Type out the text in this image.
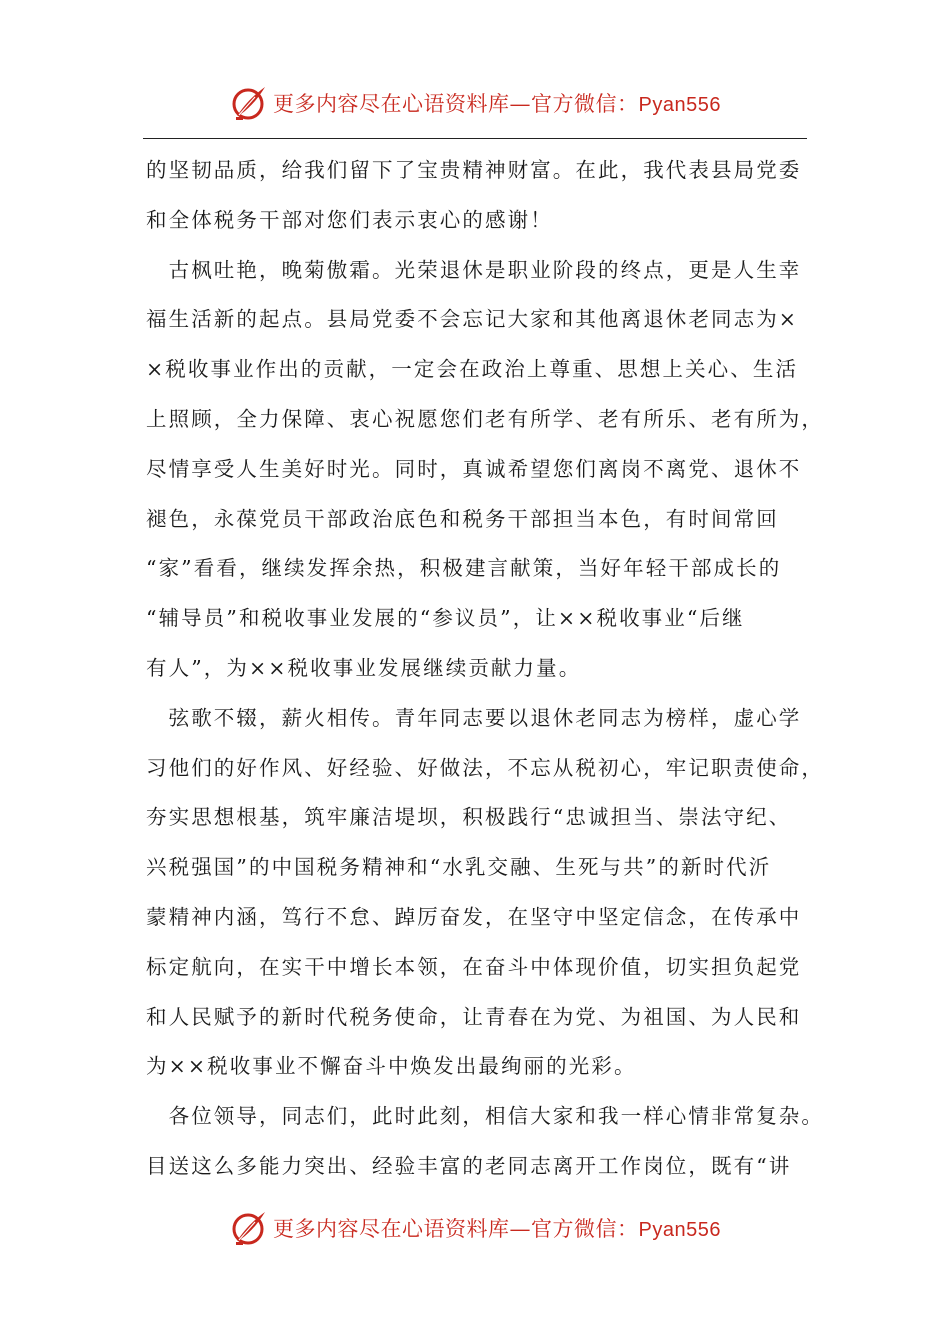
更多内容尽在心语资料库—官方微信：Pyan556
的坚韧品质，给我们留下了宝贵精神财富。在此，我代表县局党委
和全体税务干部对您们表示衷心的感谢！
　古枫吐艳，晚菊傲霜。光荣退休是职业阶段的终点，更是人生幸
福生活新的起点。县局党委不会忘记大家和其他离退休老同志为×
×税收事业作出的贡献，一定会在政治上尊重、思想上关心、生活
上照顾，全力保障、衷心祝愿您们老有所学、老有所乐、老有所为，
尽情享受人生美好时光。同时，真诚希望您们离岗不离党、退休不
褪色，永葆党员干部政治底色和税务干部担当本色，有时间常回
“家”看看，继续发挥余热，积极建言献策，当好年轻干部成长的
“辅导员”和税收事业发展的“参议员”，让××税收事业“后继
有人”，为××税收事业发展继续贡献力量。
　弦歌不辍，薪火相传。青年同志要以退休老同志为榜样，虚心学
习他们的好作风、好经验、好做法，不忘从税初心，牢记职责使命，
夯实思想根基，筑牢廉洁堤坝，积极践行“忠诚担当、崇法守纪、
兴税强国”的中国税务精神和“水乳交融、生死与共”的新时代沂
蒙精神内涵，笃行不怠、踔厉奋发，在坚守中坚定信念，在传承中
标定航向，在实干中增长本领，在奋斗中体现价值，切实担负起党
和人民赋予的新时代税务使命，让青春在为党、为祖国、为人民和
为××税收事业不懈奋斗中焕发出最绚丽的光彩。
　各位领导，同志们，此时此刻，相信大家和我一样心情非常复杂。
目送这么多能力突出、经验丰富的老同志离开工作岗位，既有“讲
更多内容尽在心语资料库—官方微信：Pyan556
